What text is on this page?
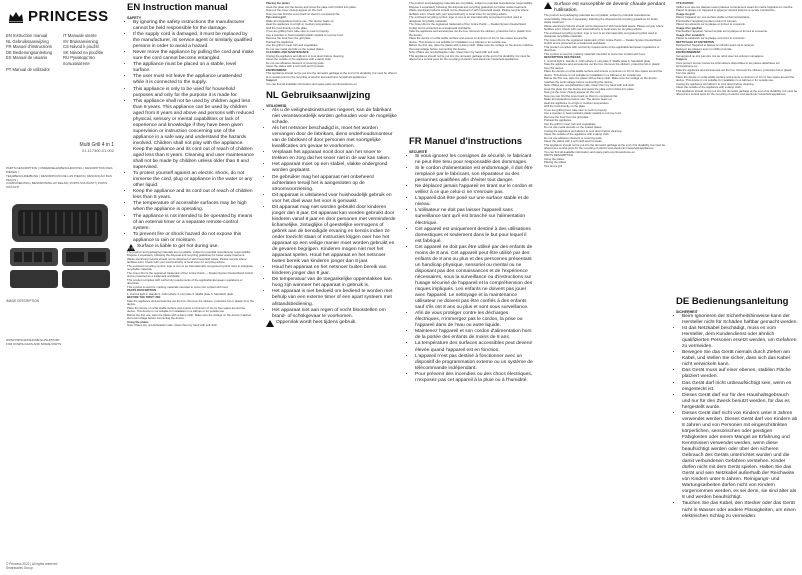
PRINCESS
EN Instruction manual	IT Manuale utente
NL Gebruiksaanwijzing	SV Bruksanvisning
FR Manuel d'instructions	CS Návod k použití
DE Bedienungsanleitung	SK Návod na použitie
ES Manual de usuario	RU Руководство пользователя
PT Manual de utilizador
Multi Grill 4 in 1
01.117300.01.002
PARTS DESCRIPTION | ONDERDELENBESCHRIJVING | DESCRIPTION DES PIÈCES |
TEILEBESCHREIBUNG | DESCRIPCIÓN DE LAS PIEZAS | DESCRIÇÃO DAS PEÇAS |
COMPONENTES | BESKRIVNING AV DELAR | POPIS SOUČÁSTÍ | POPIS SÚČASTÍ
IMAGE DESCRIPTION
WWW.PRINCESSHOME.EU/SUPPORT
FOR DOWNLOADS AND SPARE PARTS
© Princess 2022 | All rights reserved
Smartwares Group
EN Instruction manual

SAFETY

• By ignoring the safety instructions the manufacturer cannot be held responsible for the damage.
• If the supply cord is damaged, it must be replaced by the manufacturer, its service agent or similarly qualified persons in order to avoid a hazard.
• Never move the appliance by pulling the cord and make sure the cord cannot become entangled.
• The appliance must be placed on a stable, level surface.
• The user must not leave the appliance unattended while it is connected to the supply.
• This appliance is only to be used for household purposes and only for the purpose it is made for.
• This appliance shall not be used by children aged less than 8 years. This appliance can be used by children aged from 8 years and above and persons with reduced physical, sensory or mental capabilities or lack of experience and knowledge if they have been given supervision or instruction concerning use of the appliance in a safe way and understand the hazards involved. Children shall not play with the appliance. Keep the appliance and its cord out of reach of children aged less than 8 years. Cleaning and user maintenance shall not be made by children unless older than 8 and supervised.
• To protect yourself against an electric shock, do not immerse the cord, plug or appliance in the water or any other liquid.
• Keep the appliance and its cord out of reach of children less than 8 years.
• The temperature of accessible surfaces may be high when the appliance is operating.
• The appliance is not intended to be operated by means of an external timer or a separate remote-control system.
• To prevent fire or shock hazard do not expose this appliance to rain or moisture.
Surface is liable to get hot during use.

The product and packaging materials are recyclable, subject to potential manufacturer responsibility. Dispose it separately, following the disposal and recycling guidelines for better waste treatment.

Waste electrical products should not be disposed of with household waste. Please recycle where facilities exist. Check with your local Authority or local store for recycling advice.

The enclosed recycling symbol, logo or icon is an internationally recognised symbol used to designate recyclable materials.

The Green Dot is the registered trademark of Der Grüne Punkt — Duales System Deutschland GmbH and is protected as a trademark worldwide.

This product complies with conformity requirements of the applicable European regulations or directives.

This symbol is used for marking materials intended to come into contact with food.

PARTS DESCRIPTION

1. Control light 2. Handle 3. Grill surface 4. Hot plate 5. Waffle plate 6. Sandwich plate

BEFORE THE FIRST USE

Take the appliance and accessories out the box. Remove the stickers, protective foil or plastic from the device.

Place the device on a flat stable surface and ensure a minimum of 10 cm free space around the device. This device is not suitable for installation in a cabinet or for outside use.

Before the first use, wipe the plates with a damp cloth. Make sure the voltage on the device matches the local voltage before connecting the device.

Using the plates

Note: Plates are not dishwasher safe. Clean them by hand with soft cloth.

Placing the plates

Hook the plate into the device and press the plate until it clicks into place.

Now put the cover closely appear on the cord.

Now you can find the cover back so that it is completely flat.

Tips and a grill

Make all preparations before use. The device heats up.

Heat the appliance to a high or medium temperature.

Grill the food directly on the plate.

If you are grilling food, take care to cook it properly.

Use a wooden or heat-resistant plastic spatula to remove food.

Remove the food from the grill plate.

Preheat the appliance.

Use the grill for meat, fish and vegetables.

Do not use metal utensils on the coated plates.

CLEANING AND MAINTENANCE

Unplug the appliance and allow it to cool down before cleaning.

Clean the outside of the appliance with a damp cloth.

Do not use abrasive cleaners or scouring pads.

Clean the plates with a soft cloth and hot water.

ENVIRONMENT

This appliance should not be put into the domestic garbage at the end of its durability, but must be offered at a central point for the recycling of electric and electronic household appliances.

Support

You can find all available information and spare parts at princesshome.eu

NL Gebruiksaanwijzing

VEILIGHEID

• Als u de veiligheidsinstructies negeert, kan de fabrikant niet verantwoordelijk worden gehouden voor de mogelijke schade.
• Als het netsnoer beschadigd is, moet het worden vervangen door de fabrikant, diens onderhoudsmonteur van de fabrikant of door personen met soortgelijke kwalificaties om gevaar te voorkomen.
• Verplaats het apparaat nooit door aan het snoer te trekken en zorg dat het snoer niet in de war kan raken.
• Het apparaat moet op een stabiel, vlakke ondergrond worden geplaatst.
• De gebruiker mag het apparaat niet onbeheerd achterlaten terwijl het is aangesloten op de stroomvoorziening.
• Dit apparaat is uitsluitend voor huishoudelijk gebruik en voor het doel waar het voor is gemaakt.
• Dit apparaat mag niet worden gebruikt door kinderen jonger dan 8 jaar. Dit apparaat kan worden gebruikt door kinderen vanaf 8 jaar en door personen met verminderde lichamelijke, zintuiglijke of geestelijke vermogens of gebrek aan de benodigde ervaring en kennis indien ze onder toezicht staan of instructies krijgen over hoe het apparaat op een veilige manier moet worden gebruikt en de gevaren begrijpen. Kinderen mogen niet met het apparaat spelen. Houd het apparaat en het netsnoer buiten bereik van kinderen jonger dan 8 jaar.
• Houd het apparaat en het netsnoer buiten bereik van kinderen jonger dan 8 jaar.
• De temperatuur van de toegankelijke oppervlakken kan hoog zijn wanneer het apparaat in gebruik is.
• Het apparaat is niet bedoeld om bediend te worden met behulp van een externe timer of een apart systeem met afstandsbediening.
• Het apparaat niet aan regen of vocht blootstellen om brand- of schokgevaar te voorkomen.
Oppervlak wordt heet tijdens gebruik.

The product and packaging materials are recyclable, subject to potential manufacturer responsibility. Dispose it separately, following the disposal and recycling guidelines for better waste treatment.

Waste electrical products should not be disposed of with household waste. Please recycle where facilities exist. Check with your local Authority or local store for recycling advice.

The enclosed recycling symbol, logo or icon is an internationally recognised symbol used to designate recyclable materials.

The Green Dot is the registered trademark of Der Grüne Punkt — Duales System Deutschland GmbH and is protected as a trademark worldwide.

Take the appliance and accessories out the box. Remove the stickers, protective foil or plastic from the device.

Place the device on a flat stable surface and ensure a minimum of 10 cm free space around the device. This device is not suitable for installation in a cabinet or for outside use.

Before the first use, wipe the plates with a damp cloth. Make sure the voltage on the device matches the local voltage before connecting the device.

Note: Plates are not dishwasher safe. Clean them by hand with soft cloth.

This appliance should not be put into the domestic garbage at the end of its durability, but must be offered at a central point for the recycling of electric and electronic household appliances.

FR Manuel d'instructions

SÉCURITÉ

• Si vous ignorez les consignes de sécurité, le fabricant ne peut être tenu pour responsable des dommages.
• Si le cordon d'alimentation est endommagé, il doit être remplacé par le fabricant, son réparateur ou des personnes qualifiées afin d'éviter tout danger.
• Ne déplacez jamais l'appareil en tirant sur le cordon et veillez à ce que celui-ci ne s'enroule pas.
• L'appareil doit être posé sur une surface stable et de niveau.
• L'utilisateur ne doit pas laisser l'appareil sans surveillance tant qu'il est branché sur l'alimentation électrique.
• Cet appareil est uniquement destiné à des utilisations domestiques et seulement dans le but pour lequel il est fabriqué.
• Cet appareil ne doit pas être utilisé par des enfants de moins de 8 ans. Cet appareil peut être utilisé par des enfants de 8 ans ou plus et des personnes présentant un handicap physique, sensoriel ou mental ou ne disposant pas des connaissances et de l'expérience nécessaires, sous la surveillance ou d'instructions sur l'usage sécurisé de l'appareil et la compréhension des risques impliqués. Les enfants ne doivent pas jouer avec l'appareil. Le nettoyage et la maintenance utilisateur ne doivent pas être confiés à des enfants sauf s'ils ont 8 ans ou plus et sont sous surveillance.
• Afin de vous protéger contre les décharges électriques, n'immergez pas le cordon, la prise ou l'appareil dans de l'eau ou autre liquide.
• Maintenez l'appareil et son cordon d'alimentation hors de la portée des enfants de moins de 8 ans.
• La température des surfaces accessibles peut devenir élevée quand l'appareil est en fonction.
• L'appareil n'est pas destiné à fonctionner avec un dispositif de programmation externe ou un système de télécommande indépendant.
• Pour prévenir des incendies ou des chocs électriques, n'exposez pas cet appareil à la pluie ou à l'humidité.
Surface est susceptible de devenir chaude pendant l'utilisation.

The product and packaging materials are recyclable, subject to potential manufacturer responsibility. Dispose it separately, following the disposal and recycling guidelines for better waste treatment.

Waste electrical products should not be disposed of with household waste. Please recycle where facilities exist. Check with your local Authority or local store for recycling advice.

The enclosed recycling symbol, logo or icon is an internationally recognised symbol used to designate recyclable materials.

The Green Dot is the registered trademark of Der Grüne Punkt — Duales System Deutschland GmbH and is protected as a trademark worldwide.

This product complies with conformity requirements of the applicable European regulations or directives.

This symbol is used for marking materials intended to come into contact with food.

DESCRIPTION DES PIÈCES

1. Control light 2. Handle 3. Grill surface 4. Hot plate 5. Waffle plate 6. Sandwich plate

Take the appliance and accessories out the box. Remove the stickers, protective foil or plastic from the device.

Place the device on a flat stable surface and ensure a minimum of 10 cm free space around the device. This device is not suitable for installation in a cabinet or for outside use.

Before the first use, wipe the plates with a damp cloth. Make sure the voltage on the device matches the local voltage before connecting the device.

Note: Plates are not dishwasher safe. Clean them by hand with soft cloth.

Hook the plate into the device and press the plate until it clicks into place.

Now put the cover closely appear on the cord.

Now you can find the cover back so that it is completely flat.

Make all preparations before use. The device heats up.

Heat the appliance to a high or medium temperature.

Grill the food directly on the plate.

If you are grilling food, take care to cook it properly.

Use a wooden or heat-resistant plastic spatula to remove food.

Remove the food from the grill plate.

Preheat the appliance.

Use the grill for meat, fish and vegetables.

Do not use metal utensils on the coated plates.

Unplug the appliance and allow it to cool down before cleaning.

Clean the outside of the appliance with a damp cloth.

Do not use abrasive cleaners or scouring pads.

Clean the plates with a soft cloth and hot water.

This appliance should not be put into the domestic garbage at the end of its durability, but must be offered at a central point for the recycling of electric and electronic household appliances.

You can find all available information and spare parts at princesshome.eu

PARTS DESCRIPTION

Using the plates

Placing the plates

Tips and a grill

UTILISATION

Veillez à ce que les plaques soient placées correctement avant de mettre l'appareil en marche.

Placez la plaque sur l'appareil et appuyez dessus jusqu'à ce qu'elle s'enclenche.

Usage du grill

Placez l'appareil sur une surface stable et thermorésistante.

Préchauffez l'appareil pendant environ 5 minutes.

Placez les aliments sur la plaque et fermez le couvercle.

Usage d'un gaufrier

Préchauffez l'appareil. Versez la pâte sur la plaque et fermez le couvercle.

Usage d'un sandwich

Placez le sandwich sur la plaque et fermez le couvercle.

NETTOYAGE ET ENTRETIEN

Débranchez l'appareil et laissez-le refroidir avant de le nettoyer.

Nettoyez les plaques avec un chiffon humide.

ENVIRONNEMENT

Cet appareil ne doit pas être mis au rebut avec les ordures ménagères.

Support

Vous pouvez trouver toutes les informations disponibles et les pièces détachées sur princesshome.eu

Take the appliance and accessories out the box. Remove the stickers, protective foil or plastic from the device.

Place the device on a flat stable surface and ensure a minimum of 10 cm free space around the device. This device is not suitable for installation in a cabinet or for outside use.

Unplug the appliance and allow it to cool down before cleaning.

Clean the outside of the appliance with a damp cloth.

This appliance should not be put into the domestic garbage at the end of its durability, but must be offered at a central point for the recycling of electric and electronic household appliances.

DE Bedienungsanleitung

SICHERHEIT

• Beim Ignorieren der Sicherheitshinweise kann der Hersteller nicht für Schäden haftbar gemacht werden.
• Ist das Netzkabel beschädigt, muss es vom Hersteller, dem Kundendienst oder ähnlich qualifizierten Personen ersetzt werden, um Gefahren zu vermeiden.
• Bewegen Sie das Gerät niemals durch Ziehen am Kabel, und stellen Sie sicher, dass sich das Kabel nicht verwickeln kann.
• Das Gerät muss auf einer ebenen, stabilen Fläche platziert werden.
• Das Gerät darf nicht unbeaufsichtigt sein, wenn es eingesteckt ist.
• Dieses Gerät darf nur für den Haushaltsgebrauch und nur für den Zweck benutzt werden, für das es hergestellt wurde.
• Dieses Gerät darf nicht von Kindern unter 8 Jahren verwendet werden. Dieses Gerät darf von Kindern ab 8 Jahren und von Personen mit eingeschränkten körperlichen, sensorischen oder geistigen Fähigkeiten oder einem Mangel an Erfahrung und Kenntnissen verwendet werden, wenn diese beaufsichtigt werden oder über den sicheren Gebrauch des Geräts unterrichtet wurden und die damit verbundenen Gefahren verstehen. Kinder dürfen nicht mit dem Gerät spielen. Halten Sie das Gerät und sein Netzkabel außerhalb der Reichweite von Kindern unter 8 Jahren. Reinigungs- und Wartungsarbeiten dürfen nicht von Kindern vorgenommen werden, es sei denn, sie sind älter als 8 und werden beaufsichtigt.
• Tauchen Sie das Kabel, den Stecker oder das Gerät nicht in Wasser oder andere Flüssigkeiten, um einen elektrischen Schlag zu vermeiden.
